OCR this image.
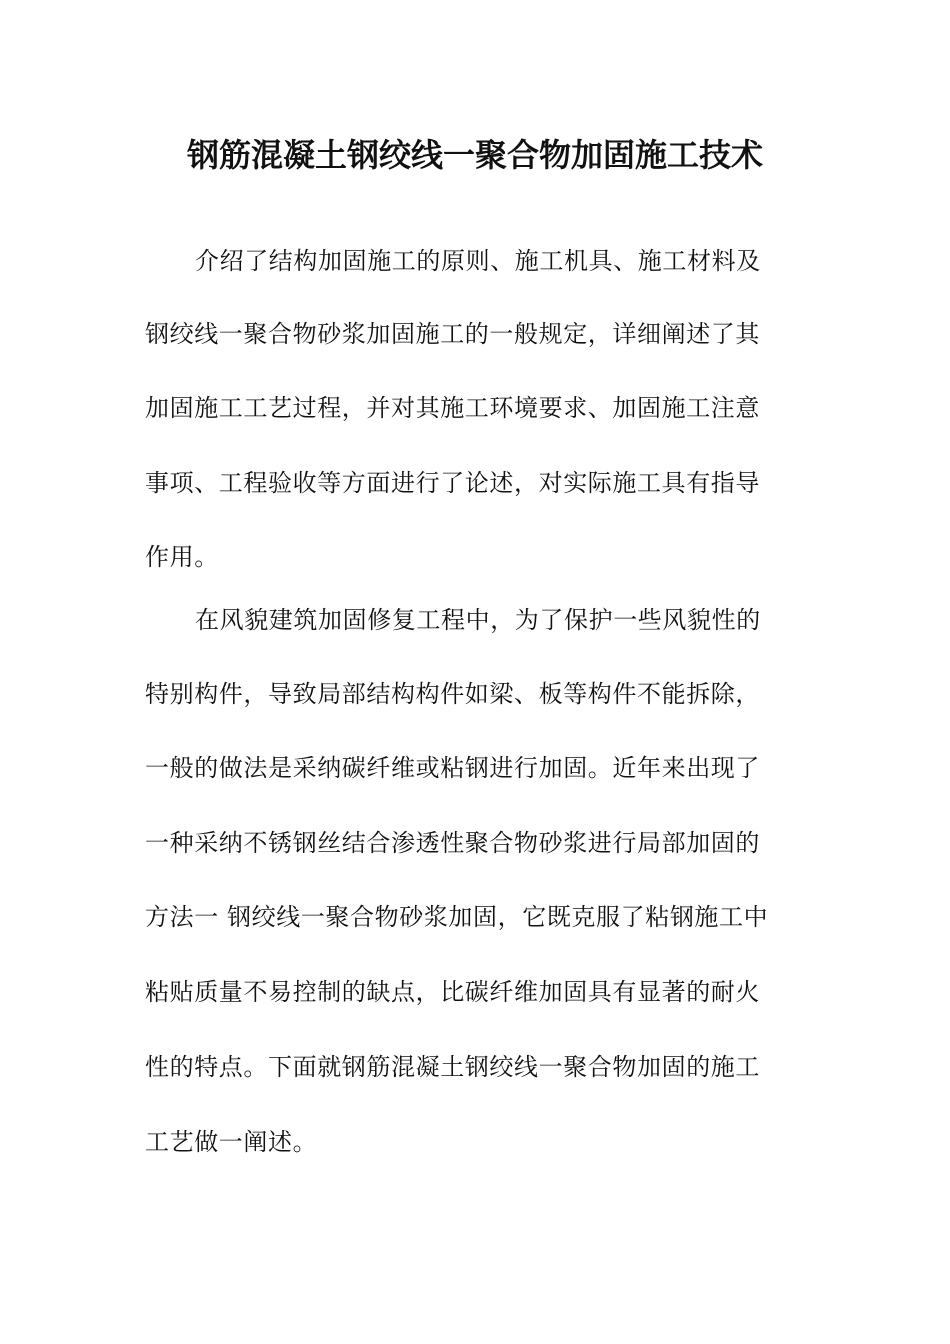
钢筋混凝土钢绞线一聚合物加固施工技术

介绍了结构加固施工的原则、施工机具、施工材料及

钢绞线一聚合物砂浆加固施工的一般规定，详细阐述了其

加固施工工艺过程，并对其施工环境要求、加固施工注意

事项、工程验收等方面进行了论述，对实际施工具有指导

作用。

在风貌建筑加固修复工程中，为了保护一些风貌性的

特别构件，导致局部结构构件如梁、板等构件不能拆除，

一般的做法是采纳碳纤维或粘钢进行加固。近年来出现了

一种采纳不锈钢丝结合渗透性聚合物砂浆进行局部加固的

方法一 钢绞线一聚合物砂浆加固，它既克服了粘钢施工中

粘贴质量不易控制的缺点，比碳纤维加固具有显著的耐火

性的特点。下面就钢筋混凝土钢绞线一聚合物加固的施工

工艺做一阐述。
